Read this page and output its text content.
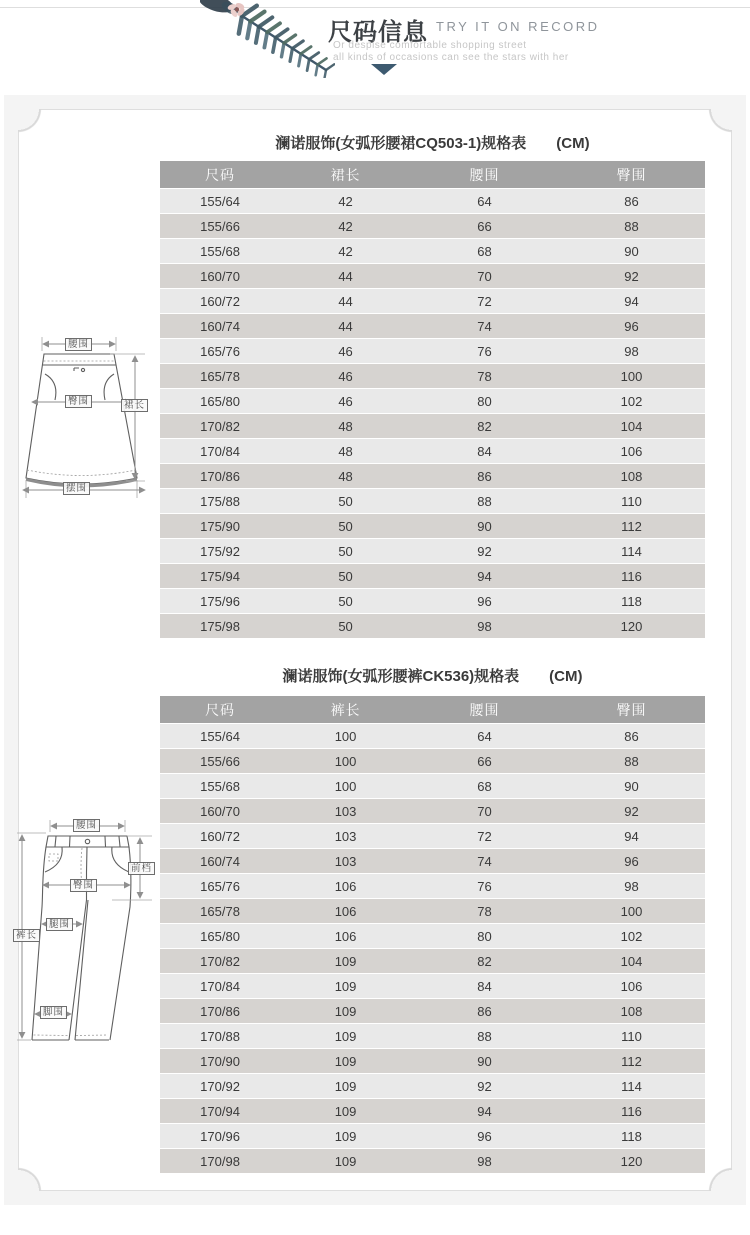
尺码信息 TRY IT ON RECORD
Or despise comfortable shopping street
all kinds of occasions can see the stars with her
澜诺服饰(女弧形腰裙CQ503-1)规格表　　(CM)
尺码	裙长	腰围	臀围
155/64	42	64	86
155/66	42	66	88
155/68	42	68	90
160/70	44	70	92
160/72	44	72	94
160/74	44	74	96
165/76	46	76	98
165/78	46	78	100
165/80	46	80	102
170/82	48	82	104
170/84	48	84	106
170/86	48	86	108
175/88	50	88	110
175/90	50	90	112
175/92	50	92	114
175/94	50	94	116
175/96	50	96	118
175/98	50	98	120
腰围
臀围	裙长
摆围
澜诺服饰(女弧形腰裤CK536)规格表　　(CM)
尺码	裤长	腰围	臀围
155/64	100	64	86
155/66	100	66	88
155/68	100	68	90
160/70	103	70	92
160/72	103	72	94
160/74	103	74	96
165/76	106	76	98
165/78	106	78	100
165/80	106	80	102
170/82	109	82	104
170/84	109	84	106
170/86	109	86	108
170/88	109	88	110
170/90	109	90	112
170/92	109	92	114
170/94	109	94	116
170/96	109	96	118
170/98	109	98	120
腰围
前档
臀围
腿围
裤长
脚围
